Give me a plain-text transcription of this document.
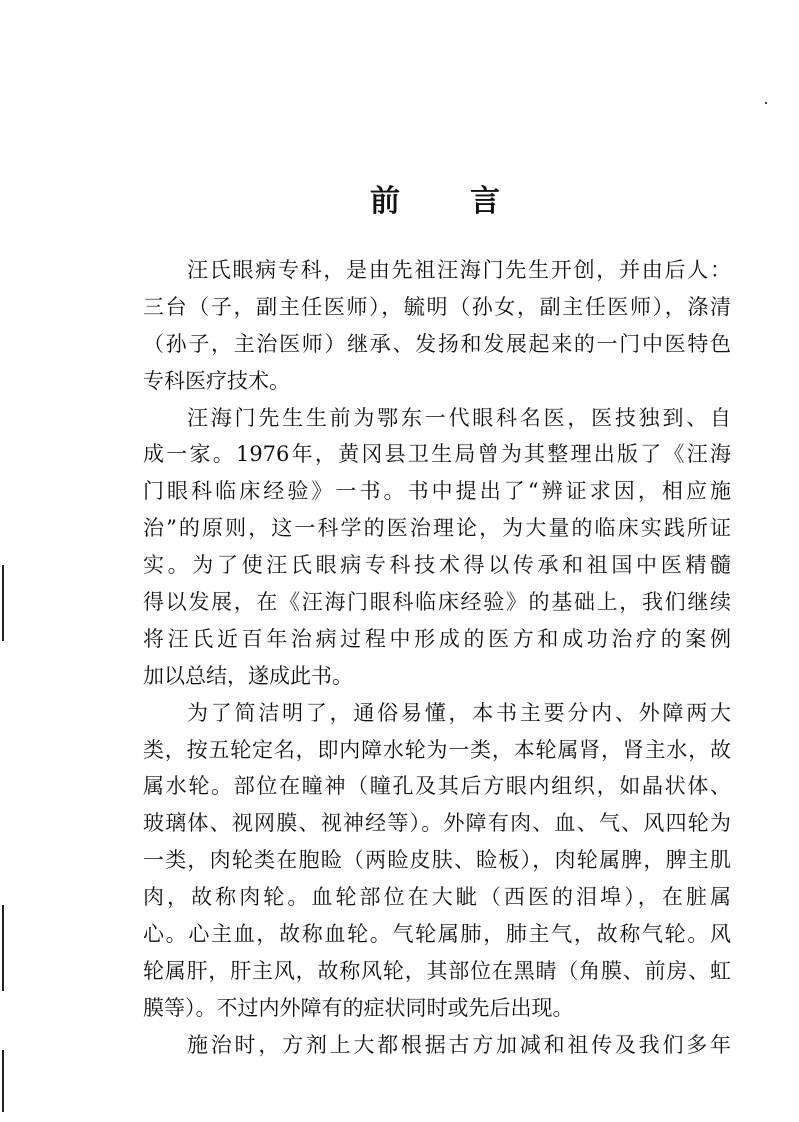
前 言
汪氏眼病专科，是由先祖汪海门先生开创，并由后人：
三台（子，副主任医师），毓明（孙女，副主任医师），涤清
（孙子，主治医师）继承、发扬和发展起来的一门中医特色
专科医疗技术。
汪海门先生生前为鄂东一代眼科名医，医技独到、自
成一家。1976年，黄冈县卫生局曾为其整理出版了《汪海
门眼科临床经验》一书。书中提出了“辨证求因，相应施
治”的原则，这一科学的医治理论，为大量的临床实践所证
实。为了使汪氏眼病专科技术得以传承和祖国中医精髓
得以发展，在《汪海门眼科临床经验》的基础上，我们继续
将汪氏近百年治病过程中形成的医方和成功治疗的案例
加以总结，遂成此书。
为了简洁明了，通俗易懂，本书主要分内、外障两大
类，按五轮定名，即内障水轮为一类，本轮属肾，肾主水，故
属水轮。部位在瞳神（瞳孔及其后方眼内组织，如晶状体、
玻璃体、视网膜、视神经等）。外障有肉、血、气、风四轮为
一类，肉轮类在胞睑（两睑皮肤、睑板），肉轮属脾，脾主肌
肉，故称肉轮。血轮部位在大眦（西医的泪埠），在脏属
心。心主血，故称血轮。气轮属肺，肺主气，故称气轮。风
轮属肝，肝主风，故称风轮，其部位在黑睛（角膜、前房、虹
膜等）。不过内外障有的症状同时或先后出现。
施治时，方剂上大都根据古方加减和祖传及我们多年
